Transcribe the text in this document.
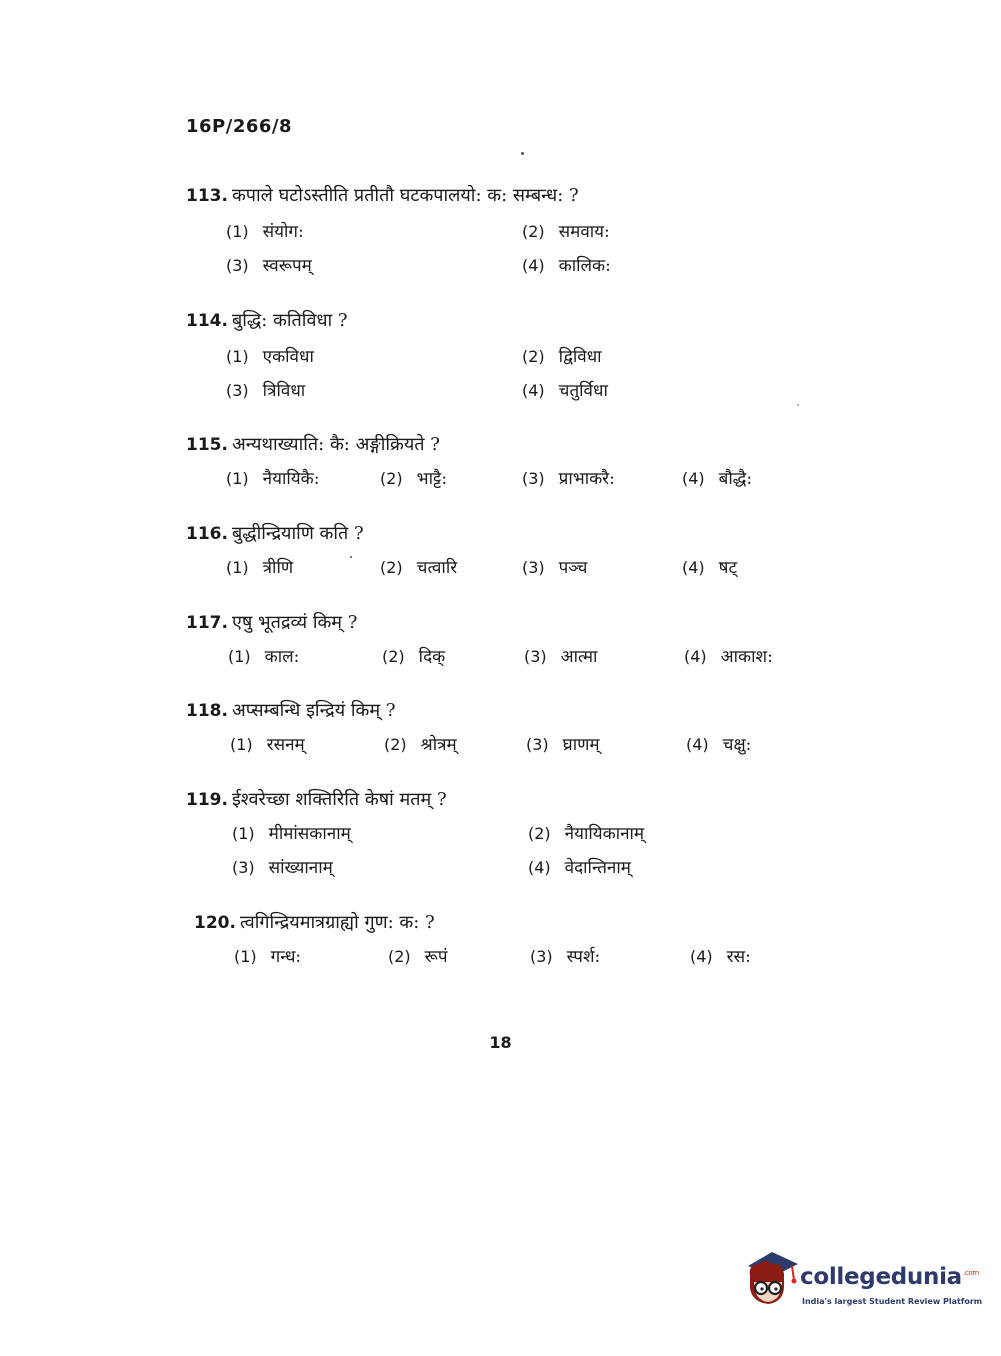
16P/266/8
113. कपाले घटोऽस्तीति प्रतीतौ घटकपालयो: क: सम्बन्ध: ?
(1) संयोग:	(2) समवाय:
(3) स्वरूपम्	(4) कालिक:
114. बुद्धि: कतिविधा ?
(1) एकविधा	(2) द्विविधा
(3) त्रिविधा	(4) चतुर्विधा
115. अन्यथाख्याति: कै: अङ्गीक्रियते ?
(1) नैयायिकै:	(2) भाट्टै:	(3) प्राभाकरै:	(4) बौद्धै:
116. बुद्धीन्द्रियाणि कति ?
(1) त्रीणि	(2) चत्वारि	(3) पञ्च	(4) षट्
117. एषु भूतद्रव्यं किम् ?
(1) काल:	(2) दिक्	(3) आत्मा	(4) आकाश:
118. अप्सम्बन्धि इन्द्रियं किम् ?
(1) रसनम्	(2) श्रोत्रम्	(3) घ्राणम्	(4) चक्षु:
119. ईश्वरेच्छा शक्तिरिति केषां मतम् ?
(1) मीमांसकानाम्	(2) नैयायिकानाम्
(3) सांख्यानाम्	(4) वेदान्तिनाम्
120. त्वगिन्द्रियमात्रग्राह्यो गुण: क: ?
(1) गन्ध:	(2) रूपं	(3) स्पर्श:	(4) रस:
18
collegedunia$^{.com}$
India's largest Student Review Platform
